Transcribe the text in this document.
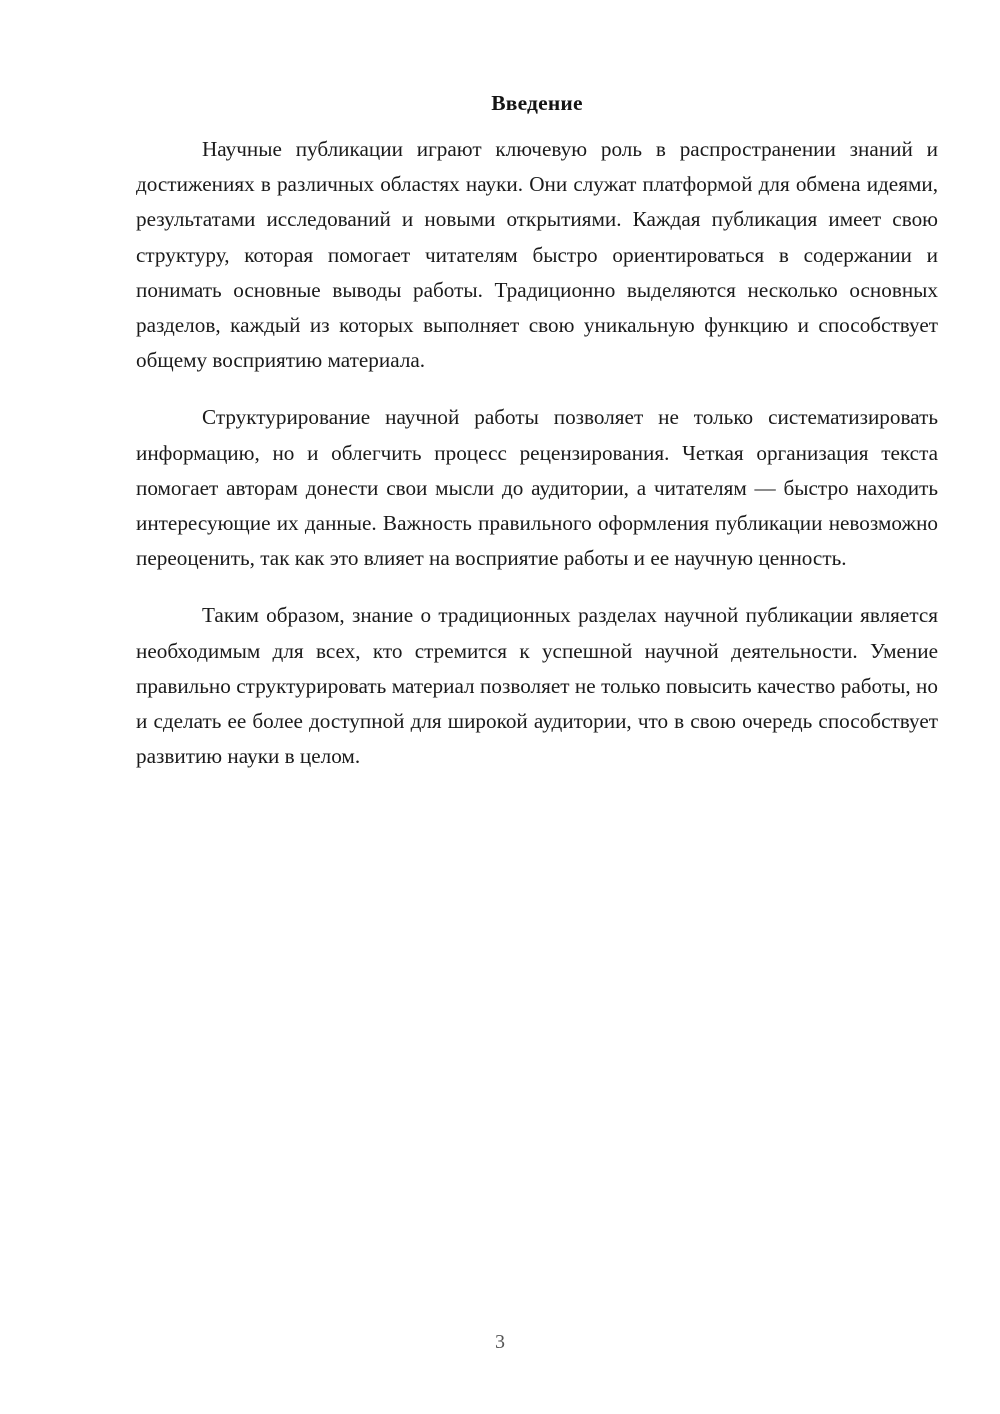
Введение

Научные публикации играют ключевую роль в распространении знаний и достижениях в различных областях науки. Они служат платформой для обмена идеями, результатами исследований и новыми открытиями. Каждая публикация имеет свою структуру, которая помогает читателям быстро ориентироваться в содержании и понимать основные выводы работы. Традиционно выделяются несколько основных разделов, каждый из которых выполняет свою уникальную функцию и способствует общему восприятию материала.

Структурирование научной работы позволяет не только систематизировать информацию, но и облегчить процесс рецензирования. Четкая организация текста помогает авторам донести свои мысли до аудитории, а читателям — быстро находить интересующие их данные. Важность правильного оформления публикации невозможно переоценить, так как это влияет на восприятие работы и ее научную ценность.

Таким образом, знание о традиционных разделах научной публикации является необходимым для всех, кто стремится к успешной научной деятельности. Умение правильно структурировать материал позволяет не только повысить качество работы, но и сделать ее более доступной для широкой аудитории, что в свою очередь способствует развитию науки в целом.

3
